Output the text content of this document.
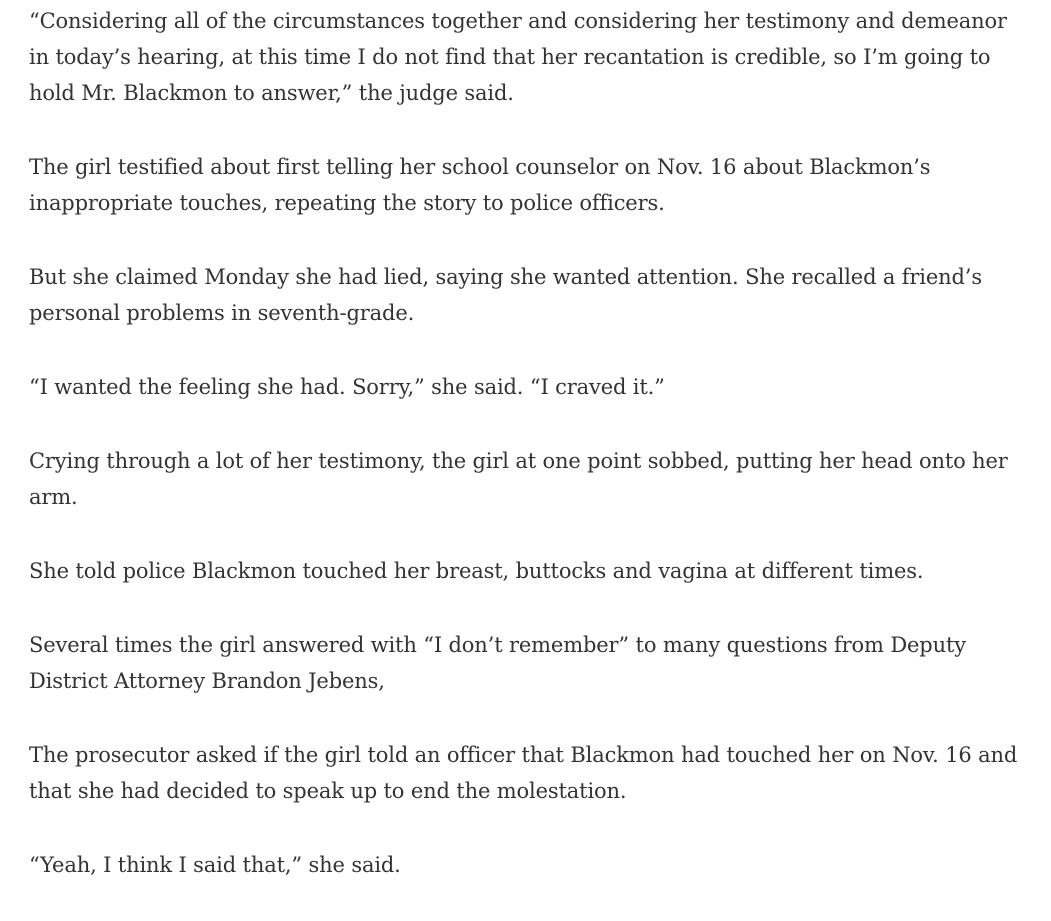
“Considering all of the circumstances together and considering her testimony and demeanor in today’s hearing, at this time I do not find that her recantation is credible, so I’m going to hold Mr. Blackmon to answer,” the judge said.

The girl testified about first telling her school counselor on Nov. 16 about Blackmon’s inappropriate touches, repeating the story to police officers.

But she claimed Monday she had lied, saying she wanted attention. She recalled a friend’s personal problems in seventh-grade.

“I wanted the feeling she had. Sorry,” she said. “I craved it.”

Crying through a lot of her testimony, the girl at one point sobbed, putting her head onto her arm.

She told police Blackmon touched her breast, buttocks and vagina at different times.

Several times the girl answered with “I don’t remember” to many questions from Deputy District Attorney Brandon Jebens,

The prosecutor asked if the girl told an officer that Blackmon had touched her on Nov. 16 and that she had decided to speak up to end the molestation.

“Yeah, I think I said that,” she said.
